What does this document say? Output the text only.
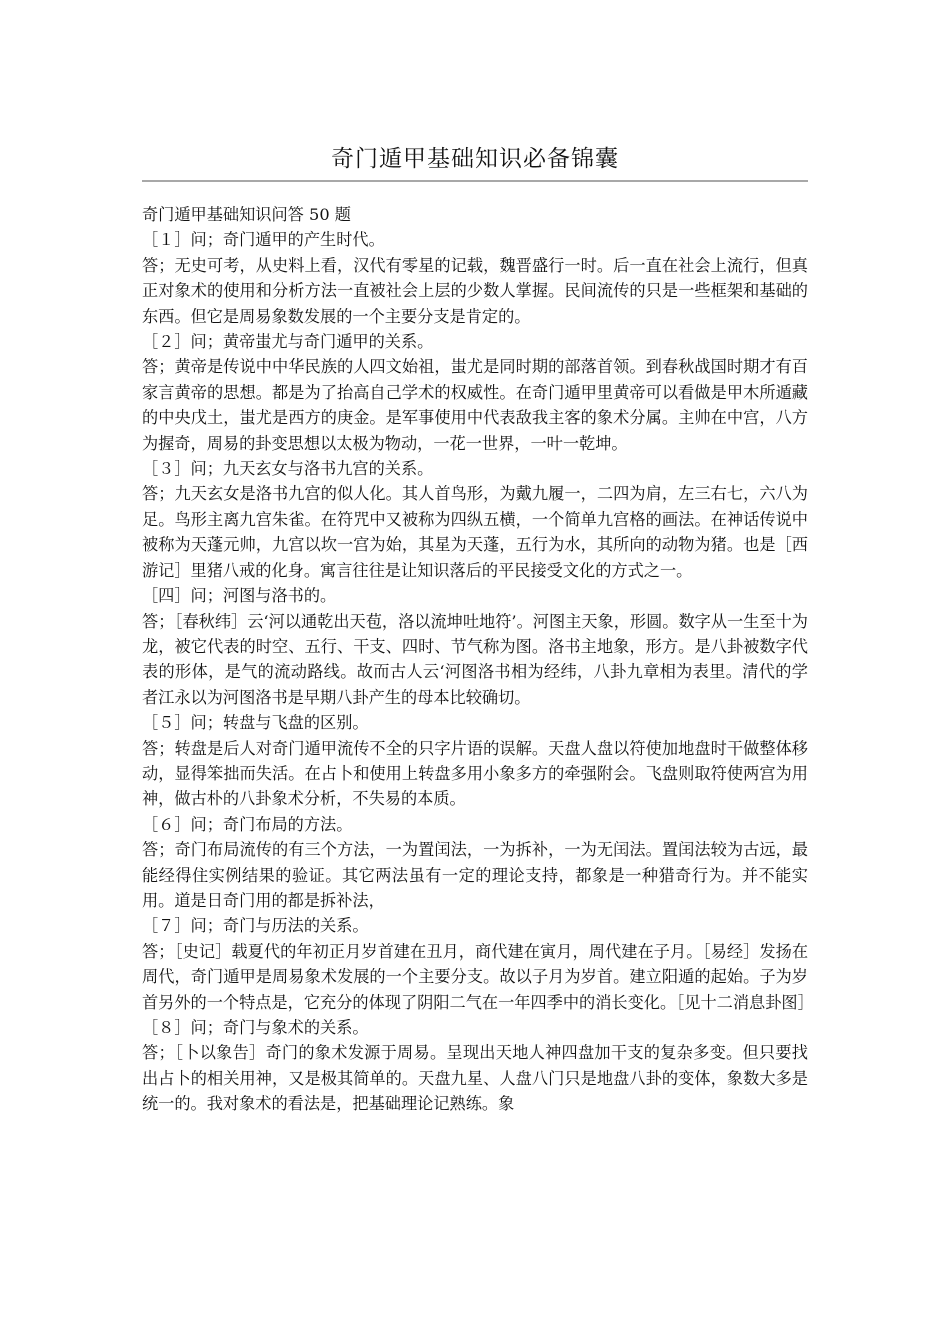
奇门遁甲基础知识必备锦囊

奇门遁甲基础知识问答 50 题

［１］问；奇门遁甲的产生时代。

答；无史可考，从史料上看，汉代有零星的记载，魏晋盛行一时。后一直在社会上流行，但真正对象术的使用和分析方法一直被社会上层的少数人掌握。民间流传的只是一些框架和基础的东西。但它是周易象数发展的一个主要分支是肯定的。

［２］问；黄帝蚩尤与奇门遁甲的关系。

答；黄帝是传说中中华民族的人四文始祖，蚩尤是同时期的部落首领。到春秋战国时期才有百家言黄帝的思想。都是为了抬高自己学术的权威性。在奇门遁甲里黄帝可以看做是甲木所遁藏的中央戊土，蚩尤是西方的庚金。是军事使用中代表敌我主客的象术分属。主帅在中宫，八方为握奇，周易的卦变思想以太极为物动，一花一世界，一叶一乾坤。

［３］问；九天玄女与洛书九宫的关系。

答；九天玄女是洛书九宫的似人化。其人首鸟形，为戴九履一，二四为肩，左三右七，六八为足。鸟形主离九宫朱雀。在符咒中又被称为四纵五横，一个简单九宫格的画法。在神话传说中被称为天蓬元帅，九宫以坎一宫为始，其星为天蓬，五行为水，其所向的动物为猪。也是［西游记］里猪八戒的化身。寓言往往是让知识落后的平民接受文化的方式之一。

［四］问；河图与洛书的。

答；［春秋纬］云‘河以通乾出天苞，洛以流坤吐地符’。河图主天象，形圆。数字从一生至十为龙，被它代表的时空、五行、干支、四时、节气称为图。洛书主地象，形方。是八卦被数字代表的形体，是气的流动路线。故而古人云‘河图洛书相为经纬，八卦九章相为表里。清代的学者江永以为河图洛书是早期八卦产生的母本比较确切。

［５］问；转盘与飞盘的区别。

答；转盘是后人对奇门遁甲流传不全的只字片语的误解。天盘人盘以符使加地盘时干做整体移动，显得笨拙而失活。在占卜和使用上转盘多用小象多方的牵强附会。飞盘则取符使两宫为用神，做古朴的八卦象术分析，不失易的本质。

［６］问；奇门布局的方法。

答；奇门布局流传的有三个方法，一为置闰法，一为拆补，一为无闰法。置闰法较为古远，最能经得住实例结果的验证。其它两法虽有一定的理论支持，都象是一种猎奇行为。并不能实用。道是日奇门用的都是拆补法，

［７］问；奇门与历法的关系。

答；［史记］载夏代的年初正月岁首建在丑月，商代建在寅月，周代建在子月。［易经］发扬在周代，奇门遁甲是周易象术发展的一个主要分支。故以子月为岁首。建立阳遁的起始。子为岁首另外的一个特点是，它充分的体现了阴阳二气在一年四季中的消长变化。［见十二消息卦图］

［８］问；奇门与象术的关系。

答；［卜以象告］奇门的象术发源于周易。呈现出天地人神四盘加干支的复杂多变。但只要找出占卜的相关用神，又是极其简单的。天盘九星、人盘八门只是地盘八卦的变体，象数大多是统一的。我对象术的看法是，把基础理论记熟练。象
